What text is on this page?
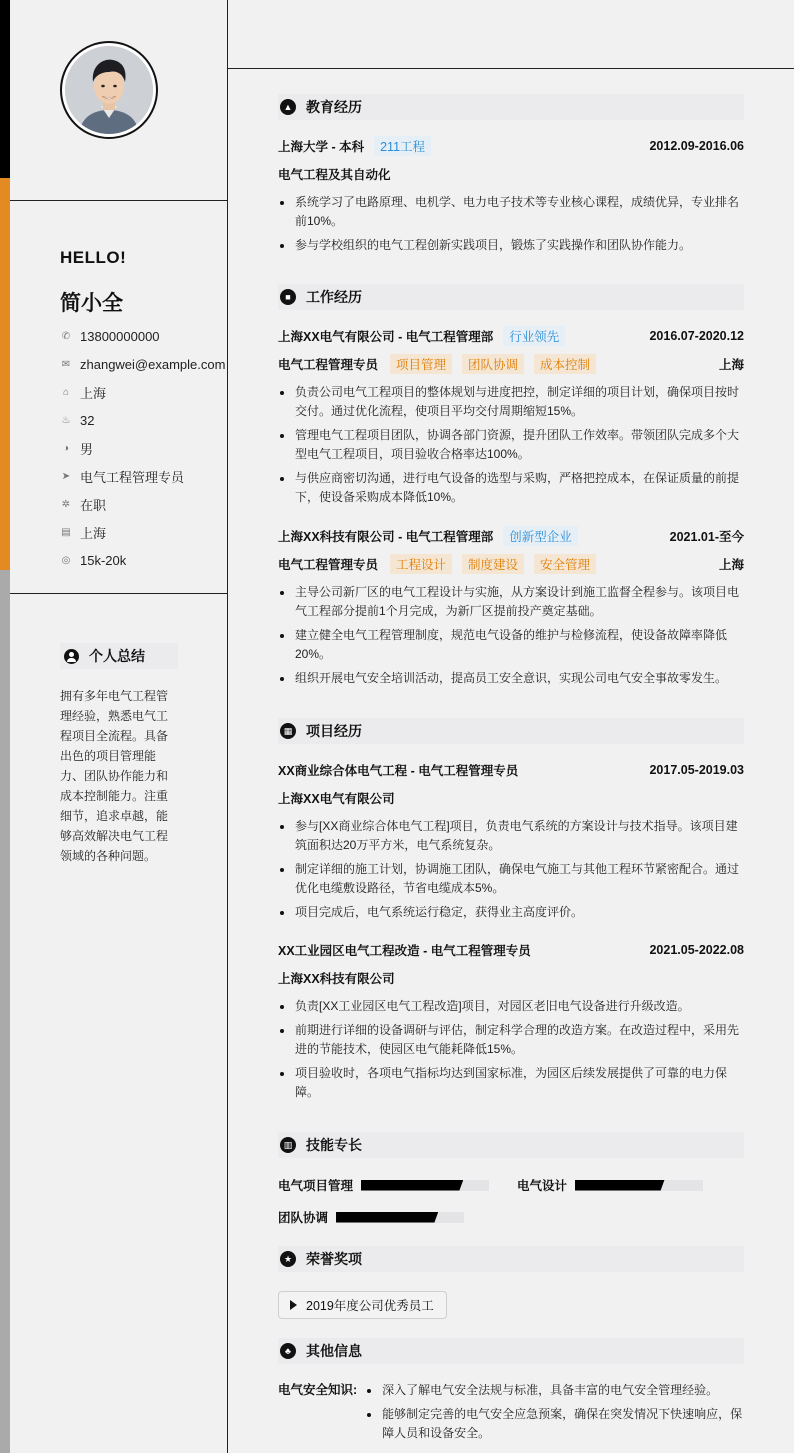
HELLO!
简小全
✆ 13800000000
✉ zhangwei@example.com
⌂ 上海
♨ 32
◑ 男
➤ 电气工程管理专员
✲ 在职
▤ 上海
◎ 15k-20k
个人总结

拥有多年电气工程管理经验，熟悉电气工程项目全流程。具备出色的项目管理能力、团队协作能力和成本控制能力。注重细节，追求卓越，能够高效解决电气工程领域的各种问题。

▲ 教育经历
上海大学 - 本科	211工程	2012.09-2016.06
电气工程及其自动化
系统学习了电路原理、电机学、电力电子技术等专业核心课程，成绩优异，专业排名前10%。
参与学校组织的电气工程创新实践项目，锻炼了实践操作和团队协作能力。
■	工作经历
上海XX电气有限公司 - 电气工程管理部	行业领先	2016.07-2020.12
电气工程管理专员	项目管理	团队协调	成本控制	上海
负责公司电气工程项目的整体规划与进度把控，制定详细的项目计划，确保项目按时交付。通过优化流程，使项目平均交付周期缩短15%。
管理电气工程项目团队，协调各部门资源，提升团队工作效率。带领团队完成多个大型电气工程项目，项目验收合格率达100%。
与供应商密切沟通，进行电气设备的选型与采购，严格把控成本，在保证质量的前提下，使设备采购成本降低10%。
上海XX科技有限公司 - 电气工程管理部	创新型企业	2021.01-至今
电气工程管理专员	工程设计	制度建设	安全管理	上海
主导公司新厂区的电气工程设计与实施，从方案设计到施工监督全程参与。该项目电气工程部分提前1个月完成，为新厂区提前投产奠定基础。
建立健全电气工程管理制度，规范电气设备的维护与检修流程，使设备故障率降低20%。
组织开展电气安全培训活动，提高员工安全意识，实现公司电气安全事故零发生。
▦ 项目经历
XX商业综合体电气工程 - 电气工程管理专员	2017.05-2019.03
上海XX电气有限公司
参与[XX商业综合体电气工程]项目，负责电气系统的方案设计与技术指导。该项目建筑面积达20万平方米，电气系统复杂。
制定详细的施工计划，协调施工团队，确保电气施工与其他工程环节紧密配合。通过优化电缆敷设路径，节省电缆成本5%。
项目完成后，电气系统运行稳定，获得业主高度评价。
XX工业园区电气工程改造 - 电气工程管理专员	2021.05-2022.08
上海XX科技有限公司
负责[XX工业园区电气工程改造]项目，对园区老旧电气设备进行升级改造。
前期进行详细的设备调研与评估，制定科学合理的改造方案。在改造过程中，采用先进的节能技术，使园区电气能耗降低15%。
项目验收时，各项电气指标均达到国家标准，为园区后续发展提供了可靠的电力保障。
▥ 技能专长
电气项目管理	电气设计
团队协调
★ 荣誉奖项
2019年度公司优秀员工
♣	其他信息
电气安全知识:	深入了解电气安全法规与标准，具备丰富的电气安全管理经验。
能够制定完善的电气安全应急预案，确保在突发情况下快速响应，保障人员和设备安全。
